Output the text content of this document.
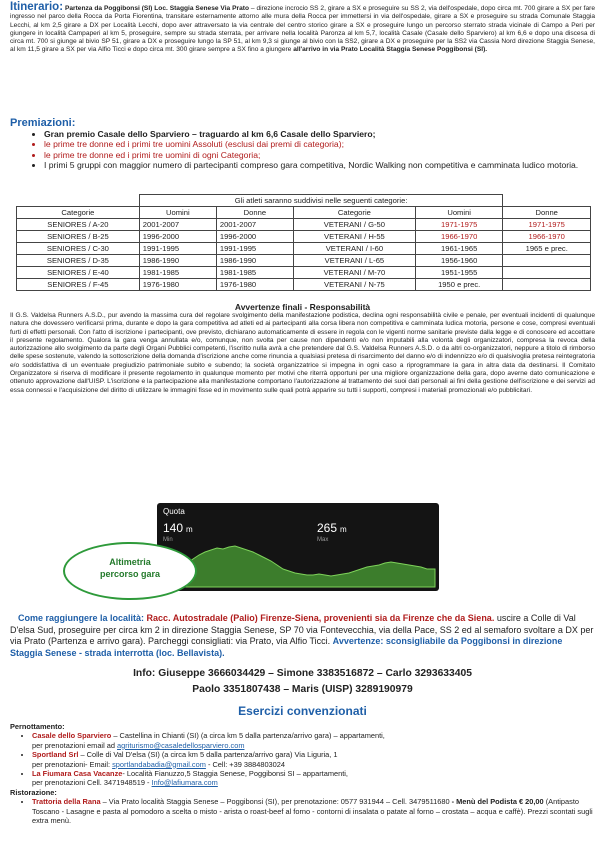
Itinerario: Partenza da Poggibonsi (SI) Loc. Staggia Senese Via Prato – direzione incrocio SS 2, girare a SX e proseguire su SS 2, via dell'ospedale, dopo circa mt. 700 girare a SX per fare ingresso nel parco della Rocca da Porta Fiorentina, transitare esternamente attorno alle mura della Rocca per immettersi in via dell'ospedale, girare a SX e proseguire su strada Comunale Staggia Lecchi, al km 2,5 girare a DX per Località Lecchi, dopo aver attraversato la via centrale del centro storico girare a SX e proseguire lungo un percorso sterrato strada vicinale di Campo a Peri per giungere in località Campaperi al km 5, proseguire, sempre su strada sterrata, per arrivare nella località Paronza al km 5,7, località Casale (Casale dello Sparviero) al km 6,6 e dopo una discesa di circa mt. 700 si giunge al bivio SP 51, girare a DX e proseguire lungo la SP 51, al km 9,3 si giunge al bivio con la SS2, girare a DX e proseguire per la SS2 via Cassia Nord direzione Staggia Senese, al km 11,5 girare a SX per via Alfio Ticci e dopo circa mt. 300 girare sempre a SX fino a giungere all'arrivo in via Prato Località Staggia Senese Poggibonsi (SI).
Premiazioni:
• Gran premio Casale dello Sparviero – traguardo al km 6,6 Casale dello Sparviero;
• le prime tre donne ed i primi tre uomini Assoluti (esclusi dai premi di categoria);
• le prime tre donne ed i primi tre uomini di ogni Categoria;
• I primi 5 gruppi con maggior numero di partecipanti compreso gara competitiva, Nordic Walking non competitiva e camminata ludico motoria.
	Gli atleti saranno suddivisi nelle seguenti categorie:				
Categorie	Uomini	Donne	Categorie	Uomini	Donne
SENIORES / A-20	2001-2007	2001-2007	VETERANI / G-50	1971-1975	1971-1975
SENIORES / B-25	1996-2000	1996-2000	VETERANI / H-55	1966-1970	1966-1970
SENIORES / C-30	1991-1995	1991-1995	VETERANI / I-60	1961-1965	1965 e prec.
SENIORES / D-35	1986-1990	1986-1990	VETERANI / L-65	1956-1960	
SENIORES / E-40	1981-1985	1981-1985	VETERANI / M-70	1951-1955	
SENIORES / F-45	1976-1980	1976-1980	VETERANI / N-75	1950 e prec.	
Avvertenze finali - Responsabilità
Il G.S. Valdelsa Runners A.S.D., pur avendo la massima cura del regolare svolgimento della manifestazione podistica, declina ogni responsabilità civile e penale, per eventuali incidenti di qualunque natura che dovessero verificarsi prima, durante e dopo la gara competitiva ad atleti ed ai partecipanti alla corsa libera non competitiva e camminata ludica motoria, persone e cose, compresi eventuali furti di effetti personali. Con l'atto di iscrizione i partecipanti, ove previsto, dichiarano automaticamente di essere in regola con le vigenti norme sanitarie previste dalla legge e di conoscere ed accettare il presente regolamento. Qualora la gara venga annullata e/o, comunque, non svolta per cause non dipendenti e/o non imputabili alla volontà degli organizzatori, compresa la revoca della autorizzazione allo svolgimento da parte degli Organi Pubblici competenti, l'iscritto nulla avrà a che pretendere dal G.S. Valdelsa Runners A.S.D. o da altri co-organizzatori, neppure a titolo di rimborso delle spese sostenute, valendo la sottoscrizione della domanda d'iscrizione anche come rinuncia a qualsiasi pretesa di risarcimento del danno e/o di indennizzo e/o di qualsivoglia pretesa reintegratoria e/o soddisfattiva di un eventuale pregiudizio patrimoniale subito e subendo; la società organizzatrice si impegna in ogni caso a riprogrammare la gara in altra data da destinarsi. Il Comitato Organizzatore si riserva di modificare il presente regolamento in qualunque momento per motivi che riterrà opportuni per una migliore organizzazione della gara, dopo averne dato comunicazione e ottenuto approvazione dall'UISP. L'iscrizione e la partecipazione alla manifestazione comportano l'autorizzazione al trattamento dei suoi dati personali ai fini della gestione dell'iscrizione e dei servizi ad essa connessi e l'acquisizione del diritto di utilizzare le immagini fisse ed in movimento sulle quali potrà apparire su tutti i supporti, compresi i materiali promozionali e/o pubblicitari.
Quota
140 m
Min
265 m
Max
Altimetria
percorso gara
Come raggiungere la località: Racc. Autostradale (Palio) Firenze-Siena, provenienti sia da Firenze che da Siena. uscire a Colle di Val D'elsa Sud, proseguire per circa km 2 in direzione Staggia Senese, SP 70 via Fontevecchia, via della Pace, SS 2 ed al semaforo svoltare a DX per via Prato (Partenza e arrivo gara). Parcheggi consigliati: via Prato, via Alfio Ticci. Avvertenze: sconsigliabile da Poggibonsi in direzione Staggia Senese - strada interrotta (loc. Bellavista).
Info: Giuseppe 3666034429 – Simone 3383516872 – Carlo 3293633405
Paolo 3351807438 – Maris (UISP) 3289190979
Esercizi convenzionati
Pernottamento:
• Casale dello Sparviero – Castellina in Chianti (SI) (a circa km 5 dalla partenza/arrivo gara) – appartamenti,
per prenotazioni email ad agriturismo@casaledellosparviero.com
• Sportland Srl – Colle di Val D'elsa (SI) (a circa km 5 dalla partenza/arrivo gara) Via Liguria, 1
per prenotazioni- Email: sportlandabadia@gmail.com - Cell: +39 3884803024
• La Fiumara Casa Vacanze- Località Fianuzzo,5 Staggia Senese, Poggibonsi SI – appartamenti,
per prenotazioni Cell. 3471948519 - Info@lafiumara.com
Ristorazione:
• Trattoria della Rana – Via Prato località Staggia Senese – Poggibonsi (SI), per prenotazione: 0577 931944 – Cell. 3479511680 - Menù del Podista € 20,00 (Antipasto Toscano - Lasagne e pasta al pomodoro a scelta o misto - arista o roast-beef al forno - contorni di insalata o patate al forno – crostata – acqua e caffè). Prezzi scontati sugli extra menù.
